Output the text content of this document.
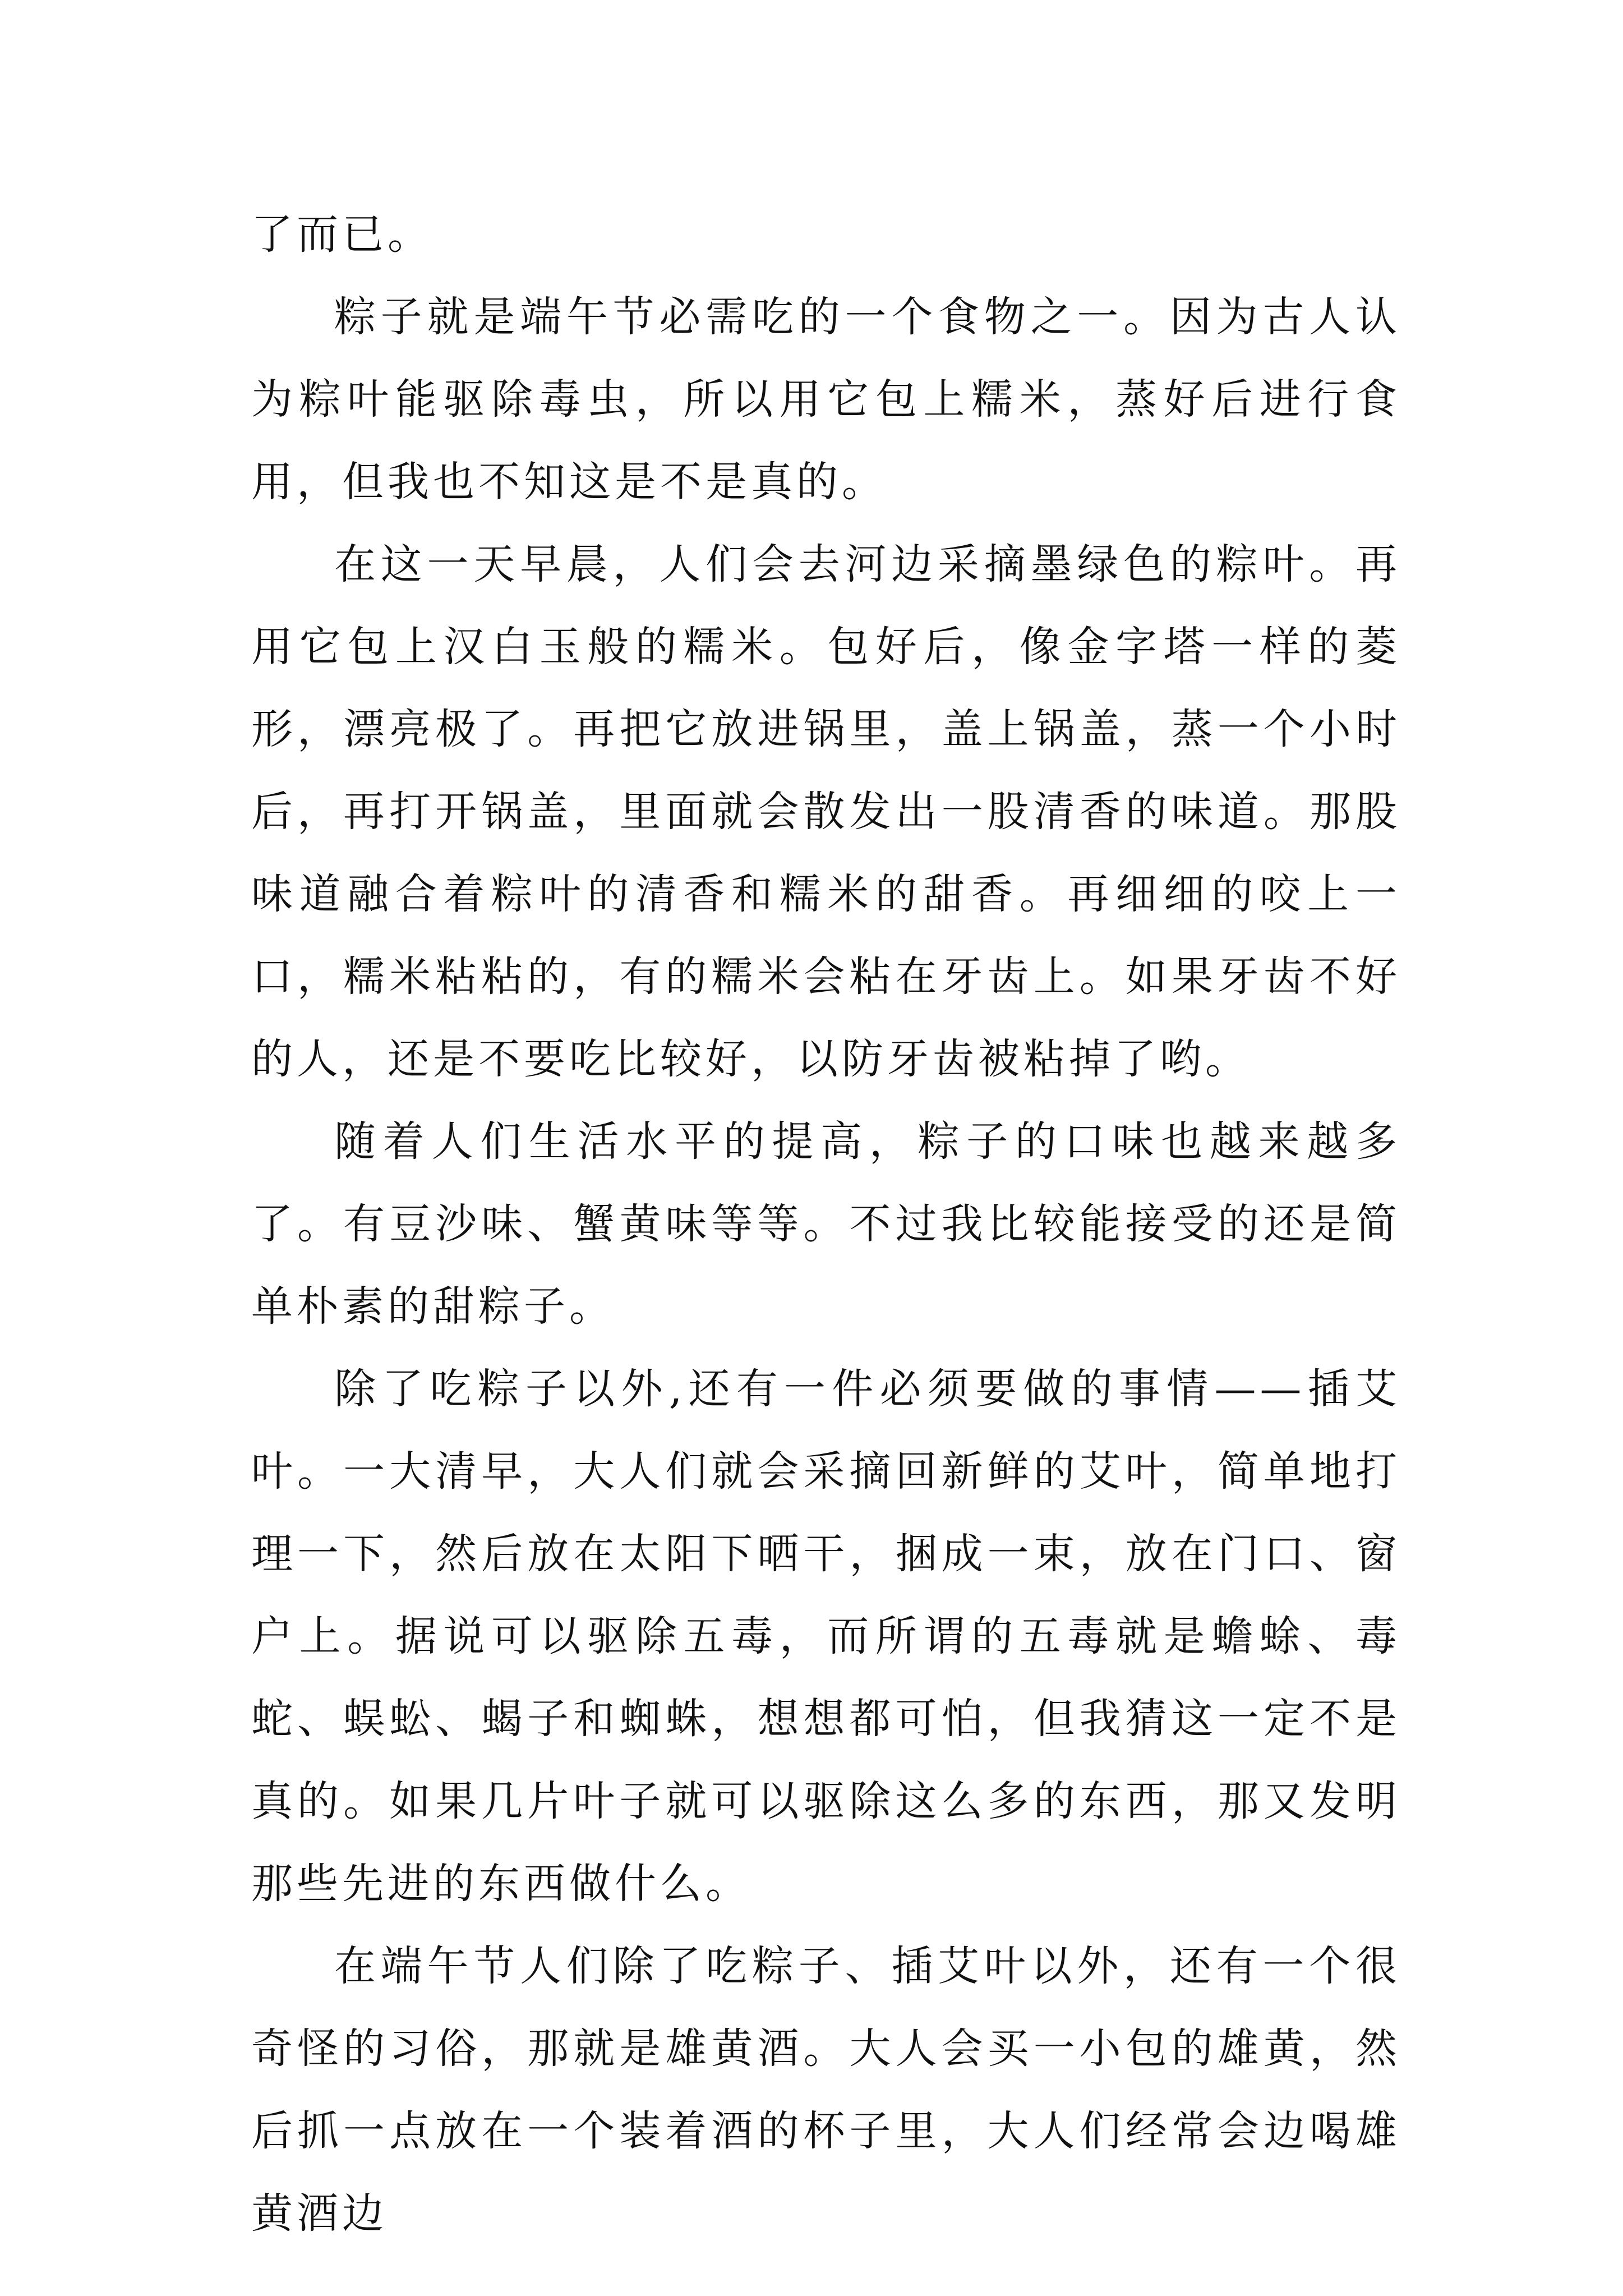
了而已。

粽子就是端午节必需吃的一个食物之一。因为古人认为粽叶能驱除毒虫，所以用它包上糯米，蒸好后进行食用，但我也不知这是不是真的。

在这一天早晨，人们会去河边采摘墨绿色的粽叶。再用它包上汉白玉般的糯米。包好后，像金字塔一样的菱形，漂亮极了。再把它放进锅里，盖上锅盖，蒸一个小时后，再打开锅盖，里面就会散发出一股清香的味道。那股味道融合着粽叶的清香和糯米的甜香。再细细的咬上一口，糯米粘粘的，有的糯米会粘在牙齿上。如果牙齿不好的人，还是不要吃比较好，以防牙齿被粘掉了哟。

随着人们生活水平的提高，粽子的口味也越来越多了。有豆沙味、蟹黄味等等。不过我比较能接受的还是简单朴素的甜粽子。

除了吃粽子以外,还有一件必须要做的事情——插艾叶。一大清早，大人们就会采摘回新鲜的艾叶，简单地打理一下，然后放在太阳下晒干，捆成一束，放在门口、窗户上。据说可以驱除五毒，而所谓的五毒就是蟾蜍、毒蛇、蜈蚣、蝎子和蜘蛛，想想都可怕，但我猜这一定不是真的。如果几片叶子就可以驱除这么多的东西，那又发明那些先进的东西做什么。

在端午节人们除了吃粽子、插艾叶以外，还有一个很奇怪的习俗，那就是雄黄酒。大人会买一小包的雄黄，然后抓一点放在一个装着酒的杯子里，大人们经常会边喝雄黄酒边
